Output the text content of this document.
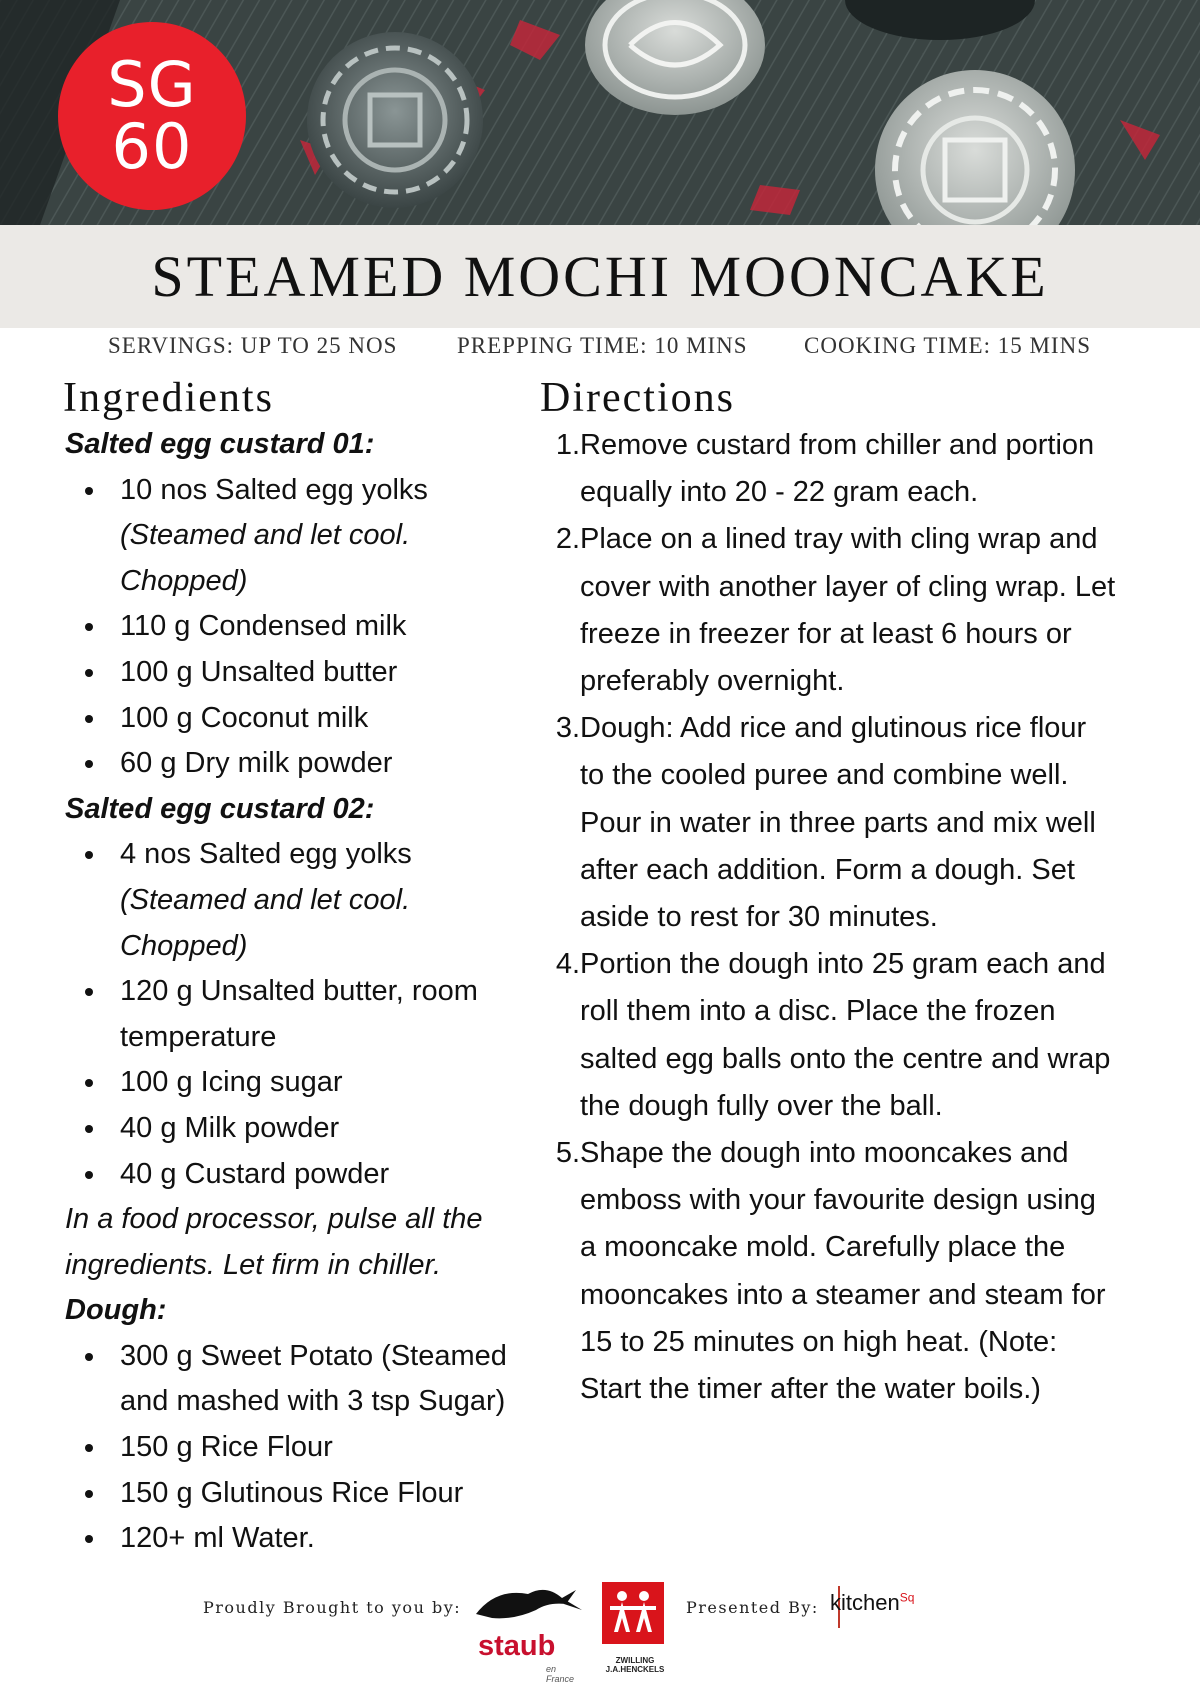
SG
60
STEAMED MOCHI MOONCAKE
SERVINGS: UP TO 25 NOS	PREPPING TIME: 10 MINS COOKING TIME: 15 MINS
Ingredients	Directions
Salted egg custard 01:
10 nos Salted egg yolks
(Steamed and let cool. Chopped)
110 g Condensed milk
100 g Unsalted butter
100 g Coconut milk
60 g Dry milk powder
Salted egg custard 02:
4 nos Salted egg yolks
(Steamed and let cool. Chopped)
120 g Unsalted butter, room temperature
100 g Icing sugar
40 g Milk powder
40 g Custard powder
In a food processor, pulse all the ingredients. Let firm in chiller.
Dough:
300 g Sweet Potato (Steamed and mashed with 3 tsp Sugar)
150 g Rice Flour
150 g Glutinous Rice Flour
120+ ml Water.
1. Remove custard from chiller and portion equally into 20 - 22 gram each.
2. Place on a lined tray with cling wrap and cover with another layer of cling wrap. Let freeze in freezer for at least 6 hours or preferably overnight.
3. Dough: Add rice and glutinous rice flour to the cooled puree and combine well. Pour in water in three parts and mix well after each addition. Form a dough. Set aside to rest for 30 minutes.
4. Portion the dough into 25 gram each and roll them into a disc. Place the frozen salted egg balls onto the centre and wrap the dough fully over the ball.
5. Shape the dough into mooncakes and emboss with your favourite design using a mooncake mold. Carefully place the mooncakes into a steamer and steam for 15 to 25 minutes on high heat. (Note: Start the timer after the water boils.)
Proudly Brought to you by:
staub
en France
ZWILLING
J.A.HENCKELS
Presented By: kitchen$^{Sq}$
